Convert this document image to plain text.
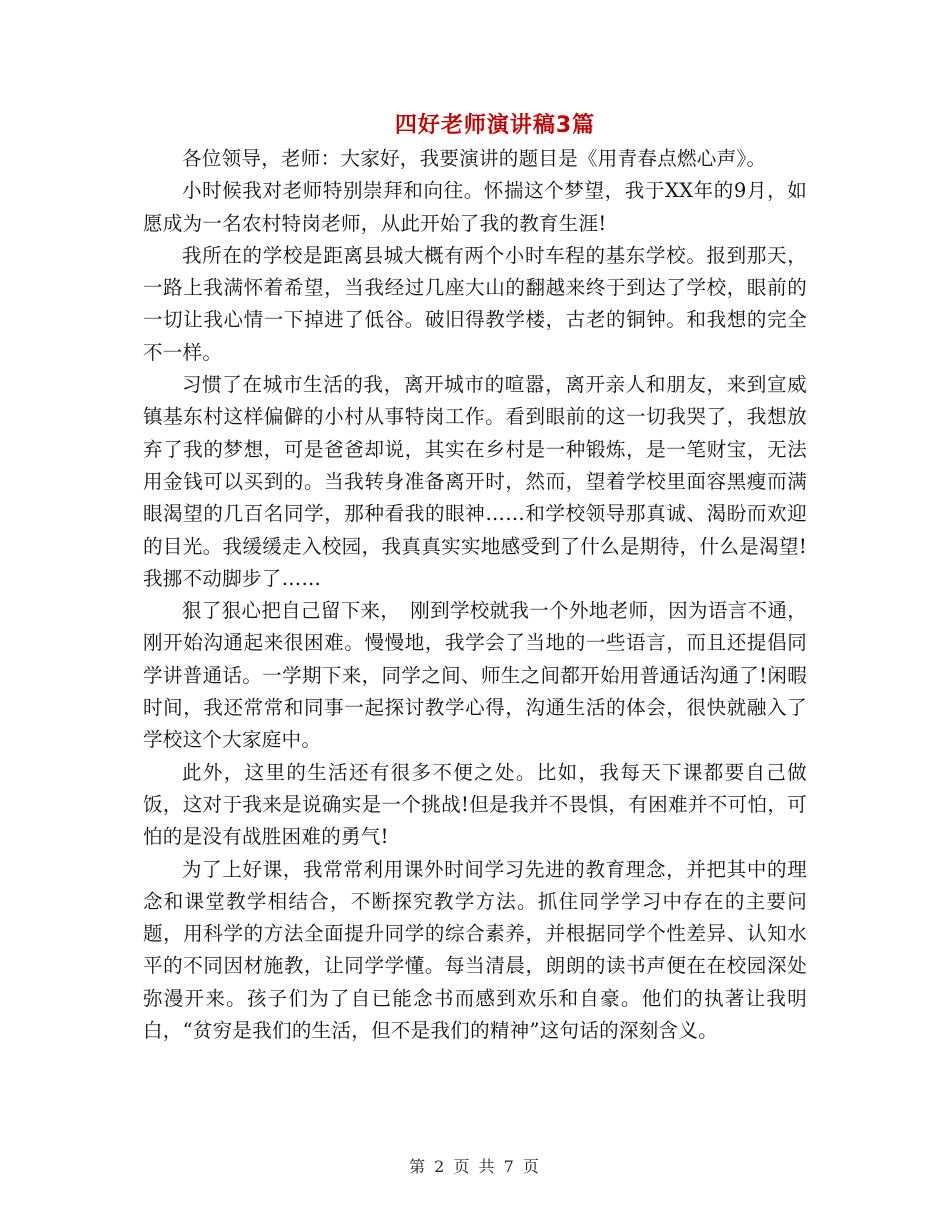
四好老师演讲稿3篇

各位领导，老师：大家好，我要演讲的题目是《用青春点燃心声》。

小时候我对老师特别崇拜和向往。怀揣这个梦望，我于XX年的9月，如愿成为一名农村特岗老师，从此开始了我的教育生涯!

我所在的学校是距离县城大概有两个小时车程的基东学校。报到那天，一路上我满怀着希望，当我经过几座大山的翻越来终于到达了学校，眼前的一切让我心情一下掉进了低谷。破旧得教学楼，古老的铜钟。和我想的完全不一样。

习惯了在城市生活的我，离开城市的喧嚣，离开亲人和朋友，来到宣威镇基东村这样偏僻的小村从事特岗工作。看到眼前的这一切我哭了，我想放弃了我的梦想，可是爸爸却说，其实在乡村是一种锻炼，是一笔财宝，无法用金钱可以买到的。当我转身准备离开时，然而，望着学校里面容黑瘦而满眼渴望的几百名同学，那种看我的眼神……和学校领导那真诚、渴盼而欢迎的目光。我缓缓走入校园，我真真实实地感受到了什么是期待，什么是渴望!我挪不动脚步了……

狠了狠心把自己留下来，　刚到学校就我一个外地老师，因为语言不通，刚开始沟通起来很困难。慢慢地，我学会了当地的一些语言，而且还提倡同学讲普通话。一学期下来，同学之间、师生之间都开始用普通话沟通了!闲暇时间，我还常常和同事一起探讨教学心得，沟通生活的体会，很快就融入了学校这个大家庭中。

此外，这里的生活还有很多不便之处。比如，我每天下课都要自己做饭，这对于我来是说确实是一个挑战!但是我并不畏惧，有困难并不可怕，可怕的是没有战胜困难的勇气!

为了上好课，我常常利用课外时间学习先进的教育理念，并把其中的理念和课堂教学相结合，不断探究教学方法。抓住同学学习中存在的主要问题，用科学的方法全面提升同学的综合素养，并根据同学个性差异、认知水平的不同因材施教，让同学学懂。每当清晨，朗朗的读书声便在在校园深处弥漫开来。孩子们为了自已能念书而感到欢乐和自豪。他们的执著让我明白，“贫穷是我们的生活，但不是我们的精神”这句话的深刻含义。

第 2 页 共 7 页
